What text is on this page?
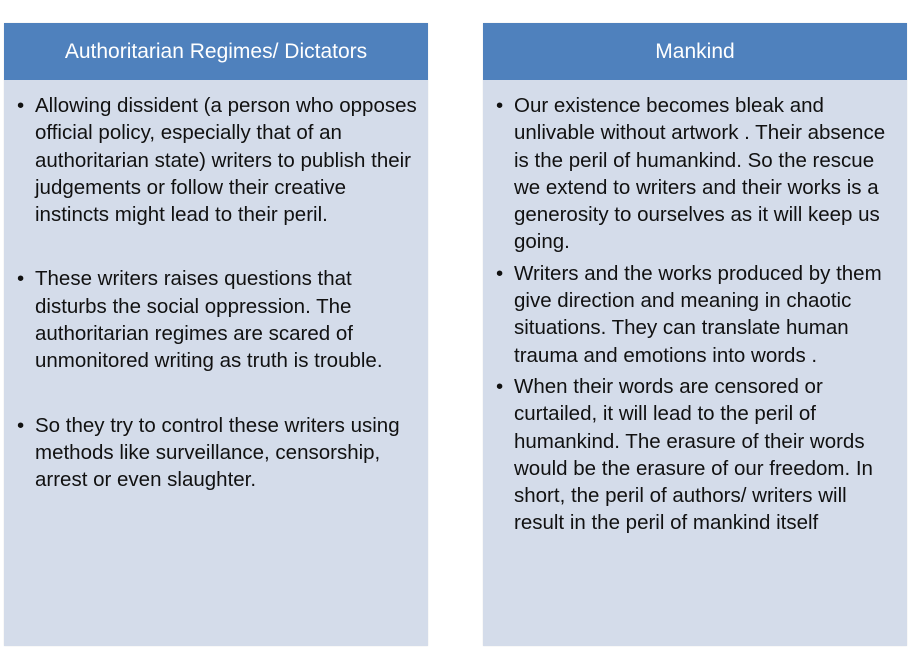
Authoritarian Regimes/ Dictators
• Allowing dissident (a person who opposes official policy, especially that of an authoritarian state) writers to publish their judgements or follow their creative instincts might lead to their peril.
• These writers raises questions that disturbs the social oppression. The authoritarian regimes are scared of unmonitored writing as truth is trouble.
• So they try to control these writers using methods like surveillance, censorship, arrest or even slaughter.
Mankind
• Our existence becomes bleak and unlivable without artwork . Their absence is the peril of humankind. So the rescue we extend to writers and their works is a generosity to ourselves as it will keep us going.
• Writers and the works produced by them give direction and meaning in chaotic situations. They can translate human trauma and emotions into words .
• When their words are censored or curtailed, it will lead to the peril of humankind. The erasure of their words would be the erasure of our freedom. In short, the peril of authors/ writers will result in the peril of mankind itself
